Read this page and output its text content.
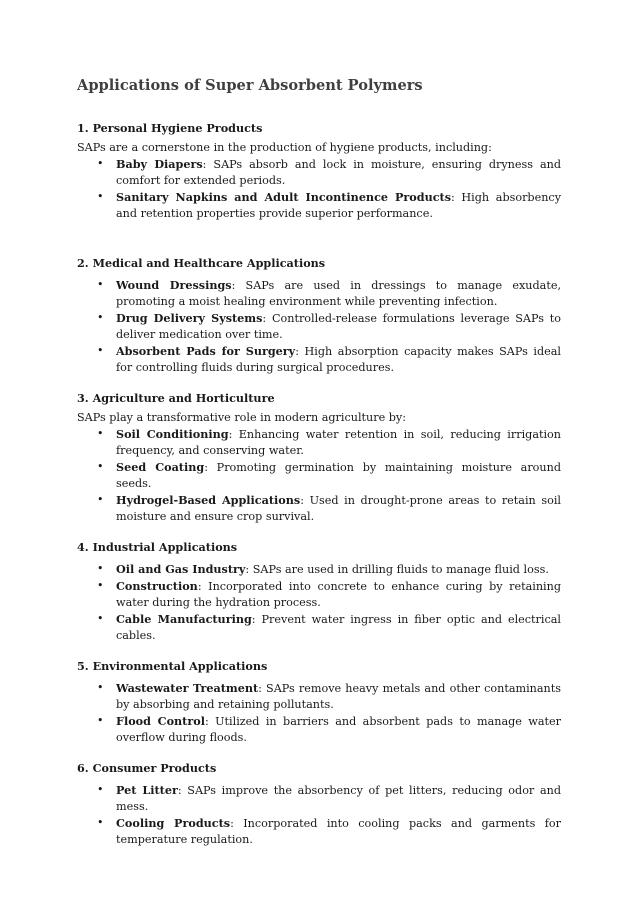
Applications of Super Absorbent Polymers
1. Personal Hygiene Products
SAPs are a cornerstone in the production of hygiene products, including:
• Baby Diapers: SAPs absorb and lock in moisture, ensuring dryness and comfort for extended periods.
• Sanitary Napkins and Adult Incontinence Products: High absorbency and retention properties provide superior performance.
2. Medical and Healthcare Applications
• Wound Dressings: SAPs are used in dressings to manage exudate, promoting a moist healing environment while preventing infection.
• Drug Delivery Systems: Controlled-release formulations leverage SAPs to deliver medication over time.
• Absorbent Pads for Surgery: High absorption capacity makes SAPs ideal for controlling fluids during surgical procedures.
3. Agriculture and Horticulture
SAPs play a transformative role in modern agriculture by:
• Soil Conditioning: Enhancing water retention in soil, reducing irrigation frequency, and conserving water.
• Seed Coating: Promoting germination by maintaining moisture around seeds.
• Hydrogel-Based Applications: Used in drought-prone areas to retain soil moisture and ensure crop survival.
4. Industrial Applications
• Oil and Gas Industry: SAPs are used in drilling fluids to manage fluid loss.
• Construction: Incorporated into concrete to enhance curing by retaining water during the hydration process.
• Cable Manufacturing: Prevent water ingress in fiber optic and electrical cables.
5. Environmental Applications
• Wastewater Treatment: SAPs remove heavy metals and other contaminants by absorbing and retaining pollutants.
• Flood Control: Utilized in barriers and absorbent pads to manage water overflow during floods.
6. Consumer Products
• Pet Litter: SAPs improve the absorbency of pet litters, reducing odor and mess.
• Cooling Products: Incorporated into cooling packs and garments for temperature regulation.
